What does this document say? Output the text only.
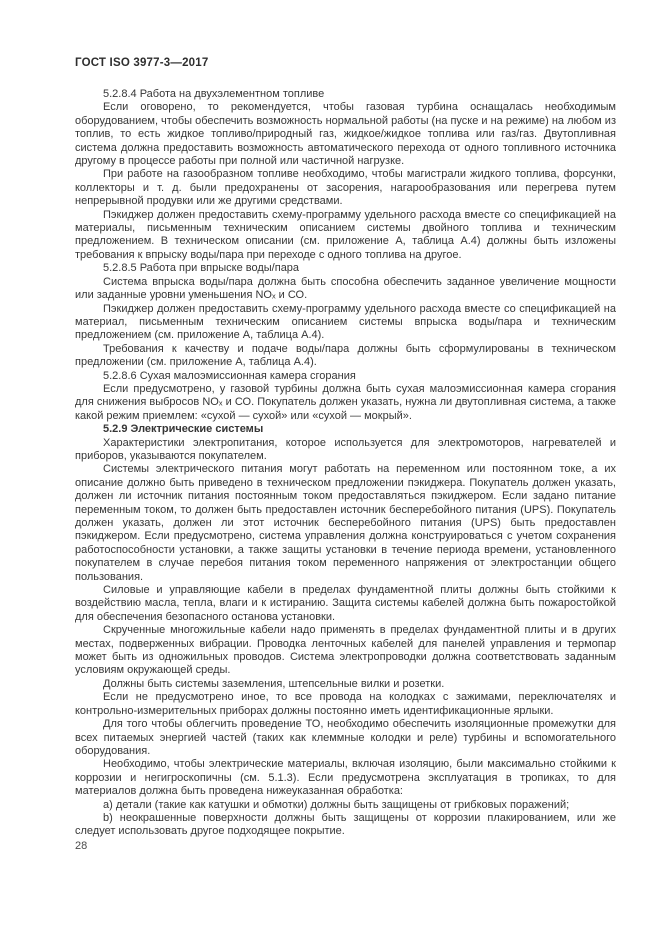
ГОСТ ISO 3977-3—2017

5.2.8.4 Работа на двухэлементном топливе

Если оговорено, то рекомендуется, чтобы газовая турбина оснащалась необходимым оборудованием, чтобы обеспечить возможность нормальной работы (на пуске и на режиме) на любом из топлив, то есть жидкое топливо/природный газ, жидкое/жидкое топлива или газ/газ. Двутопливная система должна предоставить возможность автоматического перехода от одного топливного источника другому в процессе работы при полной или частичной нагрузке.

При работе на газообразном топливе необходимо, чтобы магистрали жидкого топлива, форсунки, коллекторы и т. д. были предохранены от засорения, нагарообразования или перегрева путем непрерывной продувки или же другими средствами.

Пэкиджер должен предоставить схему-программу удельного расхода вместе со спецификацией на материалы, письменным техническим описанием системы двойного топлива и техническим предложением. В техническом описании (см. приложение А, таблица А.4) должны быть изложены требования к впрыску воды/пара при переходе с одного топлива на другое.

5.2.8.5 Работа при впрыске воды/пара

Система впрыска воды/пара должна быть способна обеспечить заданное увеличение мощности или заданные уровни уменьшения NOₓ и СО.

Пэкиджер должен предоставить схему-программу удельного расхода вместе со спецификацией на материал, письменным техническим описанием системы впрыска воды/пара и техническим предложением (см. приложение А, таблица А.4).

Требования к качеству и подаче воды/пара должны быть сформулированы в техническом предложении (см. приложение А, таблица А.4).

5.2.8.6 Сухая малоэмиссионная камера сгорания

Если предусмотрено, у газовой турбины должна быть сухая малоэмиссионная камера сгорания для снижения выбросов NOₓ и СО. Покупатель должен указать, нужна ли двутопливная система, а также какой режим приемлем: «сухой — сухой» или «сухой — мокрый».

5.2.9 Электрические системы

Характеристики электропитания, которое используется для электромоторов, нагревателей и приборов, указываются покупателем.

Системы электрического питания могут работать на переменном или постоянном токе, а их описание должно быть приведено в техническом предложении пэкиджера. Покупатель должен указать, должен ли источник питания постоянным током предоставляться пэкиджером. Если задано питание переменным током, то должен быть предоставлен источник бесперебойного питания (UPS). Покупатель должен указать, должен ли этот источник бесперебойного питания (UPS) быть предоставлен пэкиджером. Если предусмотрено, система управления должна конструироваться с учетом сохранения работоспособности установки, а также защиты установки в течение периода времени, установленного покупателем в случае перебоя питания током переменного напряжения от электростанции общего пользования.

Силовые и управляющие кабели в пределах фундаментной плиты должны быть стойкими к воздействию масла, тепла, влаги и к истиранию. Защита системы кабелей должна быть пожаростойкой для обеспечения безопасного останова установки.

Скрученные многожильные кабели надо применять в пределах фундаментной плиты и в других местах, подверженных вибрации. Проводка ленточных кабелей для панелей управления и термопар может быть из одножильных проводов. Система электропроводки должна соответствовать заданным условиям окружающей среды.

Должны быть системы заземления, штепсельные вилки и розетки.

Если не предусмотрено иное, то все провода на колодках с зажимами, переключателях и контрольно-измерительных приборах должны постоянно иметь идентификационные ярлыки.

Для того чтобы облегчить проведение ТО, необходимо обеспечить изоляционные промежутки для всех питаемых энергией частей (таких как клеммные колодки и реле) турбины и вспомогательного оборудования.

Необходимо, чтобы электрические материалы, включая изоляцию, были максимально стойкими к коррозии и негигроскопичны (см. 5.1.3). Если предусмотрена эксплуатация в тропиках, то для материалов должна быть проведена нижеуказанная обработка:

a) детали (такие как катушки и обмотки) должны быть защищены от грибковых поражений;

b) неокрашенные поверхности должны быть защищены от коррозии плакированием, или же следует использовать другое подходящее покрытие.

28
